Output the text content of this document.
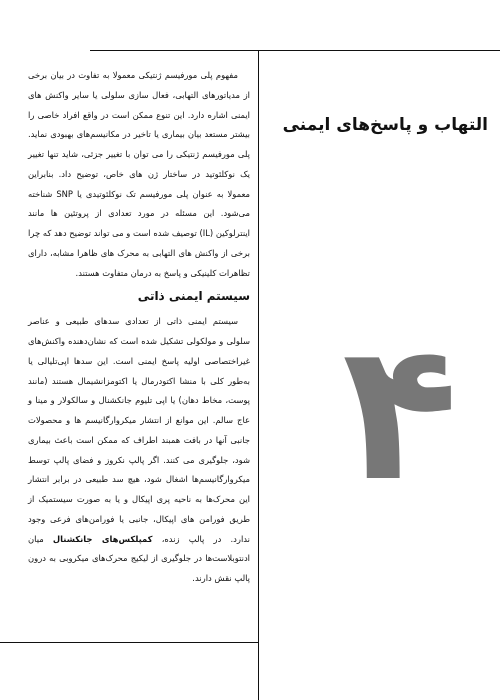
التهاب و پاسخ‌های ایمنی
۴

مفهوم پلی مورفیسم ژنتیکی معمولا به تفاوت در بیان برخی از مدیاتورهای التهابی، فعال سازی سلولی یا سایر واکنش های ایمنی اشاره دارد. این تنوع ممکن است در واقع افراد خاصی را بیشتر مستعد بیان بیماری یا تاخیر در مکانیسم‌های بهبودی نماید. پلی مورفیسم ژنتیکی را می توان با تغییر جزئی، شاید تنها تغییر یک نوکلئوتید در ساختار ژن های خاص، توضیح داد. بنابراین معمولا به عنوان پلی مورفیسم تک نوکلئوتیدی یا SNP شناخته می‌شود. این مسئله در مورد تعدادی از پروتئین ها مانند اینترلوکین (IL) توصیف شده است و می تواند توضیح دهد که چرا برخی از واکنش های التهابی به محرک های ظاهرا مشابه، دارای تظاهرات کلینیکی و پاسخ به درمان متفاوت هستند.

سیستم ایمنی ذاتی

سیستم ایمنی ذاتی از تعدادی سدهای طبیعی و عناصر سلولی و مولکولی تشکیل شده است که نشان‌دهنده واکنش‌های غیراختصاصی اولیه پاسخ ایمنی است. این سدها اپی‌تلیالی یا به‌طور کلی با منشا اکتودرمال یا اکتومزانشیمال هستند (مانند پوست، مخاط دهان) یا اپی تلیوم جانکشنال و سالکولار و مینا و عاج سالم. این موانع از انتشار میکروارگانیسم ها و محصولات جانبی آنها در بافت همبند اطراف که ممکن است باعث بیماری شود، جلوگیری می کنند. اگر پالپ نکروز و فضای پالپ توسط میکروارگانیسم‌ها اشغال شود، هیچ سد طبیعی در برابر انتشار این محرک‌ها به ناحیه پری اپیکال و یا به صورت سیستمیک از طریق فورامن های اپیکال، جانبی یا فورامن‌های فرعی وجود ندارد. در پالپ زنده، کمپلکس‌های جانکشنال میان ادنتوبلاست‌ها در جلوگیری از لیکیج محرک‌های میکروبی به درون پالپ نقش دارند.
